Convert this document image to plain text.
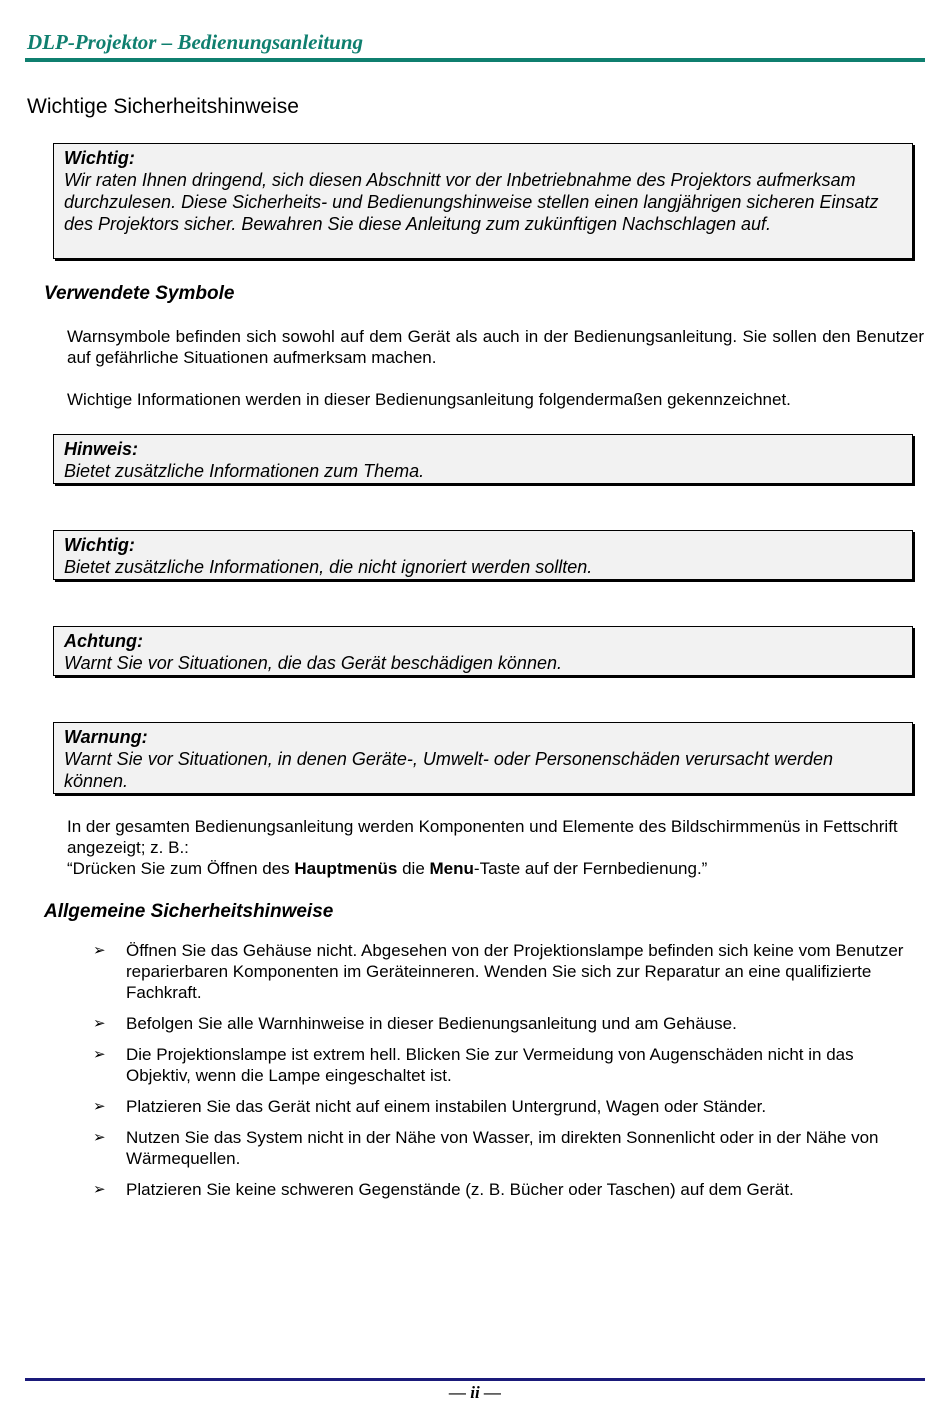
DLP-Projektor – Bedienungsanleitung
Wichtige Sicherheitshinweise
Wichtig:
Wir raten Ihnen dringend, sich diesen Abschnitt vor der Inbetriebnahme des Projektors aufmerksam durchzulesen. Diese Sicherheits- und Bedienungshinweise stellen einen langjährigen sicheren Einsatz des Projektors sicher. Bewahren Sie diese Anleitung zum zukünftigen Nachschlagen auf.
Verwendete Symbole

Warnsymbole befinden sich sowohl auf dem Gerät als auch in der Bedienungsanleitung. Sie sollen den Benutzer auf gefährliche Situationen aufmerksam machen.

Wichtige Informationen werden in dieser Bedienungsanleitung folgendermaßen gekennzeichnet.

Hinweis:
Bietet zusätzliche Informationen zum Thema.
Wichtig:
Bietet zusätzliche Informationen, die nicht ignoriert werden sollten.
Achtung:
Warnt Sie vor Situationen, die das Gerät beschädigen können.
Warnung:
Warnt Sie vor Situationen, in denen Geräte-, Umwelt- oder Personenschäden verursacht werden können.
In der gesamten Bedienungsanleitung werden Komponenten und Elemente des Bildschirmmenüs in Fettschrift angezeigt; z. B.:
“Drücken Sie zum Öffnen des Hauptmenüs die Menu-Taste auf der Fernbedienung.”
Allgemeine Sicherheitshinweise
➢ Öffnen Sie das Gehäuse nicht. Abgesehen von der Projektionslampe befinden sich keine vom Benutzer reparierbaren Komponenten im Geräteinneren. Wenden Sie sich zur Reparatur an eine qualifizierte Fachkraft.
➢ Befolgen Sie alle Warnhinweise in dieser Bedienungsanleitung und am Gehäuse.
➢ Die Projektionslampe ist extrem hell. Blicken Sie zur Vermeidung von Augenschäden nicht in das Objektiv, wenn die Lampe eingeschaltet ist.
➢ Platzieren Sie das Gerät nicht auf einem instabilen Untergrund, Wagen oder Ständer.
➢ Nutzen Sie das System nicht in der Nähe von Wasser, im direkten Sonnenlicht oder in der Nähe von Wärmequellen.
➢ Platzieren Sie keine schweren Gegenstände (z. B. Bücher oder Taschen) auf dem Gerät.
— ii —
